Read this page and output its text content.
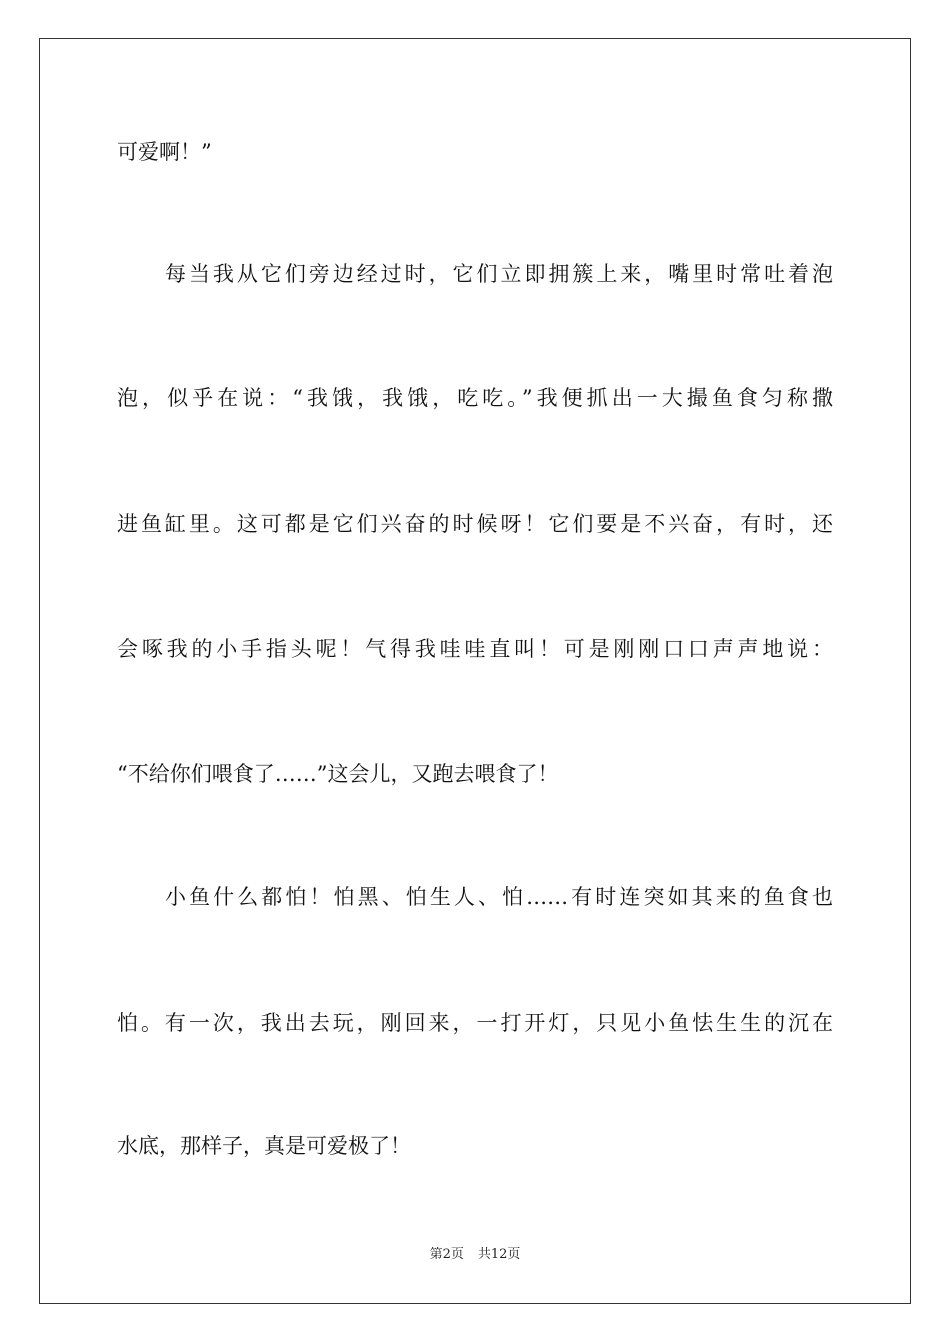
可爱啊！”
每当我从它们旁边经过时，它们立即拥簇上来，嘴里时常吐着泡
泡，似乎在说：“我饿，我饿，吃吃。”我便抓出一大撮鱼食匀称撒
进鱼缸里。这可都是它们兴奋的时候呀！它们要是不兴奋，有时，还
会啄我的小手指头呢！气得我哇哇直叫！可是刚刚口口声声地说：
“不给你们喂食了……”这会儿，又跑去喂食了！
小鱼什么都怕！怕黑、怕生人、怕……有时连突如其来的鱼食也
怕。有一次，我出去玩，刚回来，一打开灯，只见小鱼怯生生的沉在
水底，那样子，真是可爱极了！
第2页 共12页
